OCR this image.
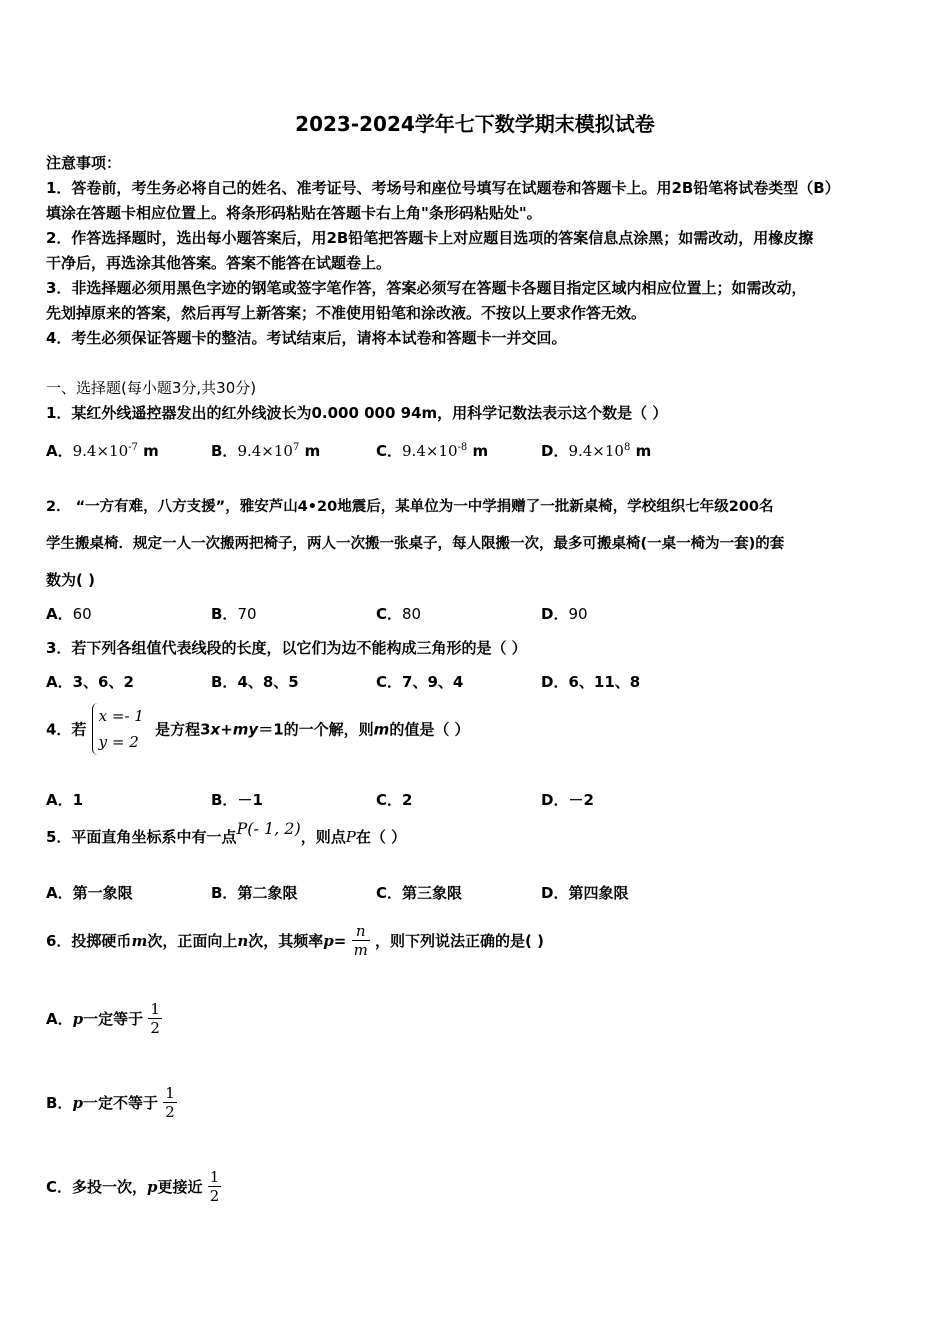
2023-2024学年七下数学期末模拟试卷
注意事项：
1．答卷前，考生务必将自己的姓名、准考证号、考场号和座位号填写在试题卷和答题卡上。用2B铅笔将试卷类型（B）
填涂在答题卡相应位置上。将条形码粘贴在答题卡右上角"条形码粘贴处"。
2．作答选择题时，选出每小题答案后，用2B铅笔把答题卡上对应题目选项的答案信息点涂黑；如需改动，用橡皮擦
干净后，再选涂其他答案。答案不能答在试题卷上。
3．非选择题必须用黑色字迹的钢笔或签字笔作答，答案必须写在答题卡各题目指定区域内相应位置上；如需改动，
先划掉原来的答案，然后再写上新答案；不准使用铅笔和涂改液。不按以上要求作答无效。
4．考生必须保证答题卡的整洁。考试结束后，请将本试卷和答题卡一并交回。
一、选择题(每小题3分,共30分)
1．某红外线遥控器发出的红外线波长为0.000 000 94m，用科学记数法表示这个数是（ ）
A．$9.4\times 10^{-7}$ m	B．$9.4\times 10^7$ m	C．$9.4\times 10^{-8}$ m	D．$9.4\times 10^8$ m
2． “一方有难，八方支援”，雅安芦山4•20地震后，某单位为一中学捐赠了一批新桌椅，学校组织七年级200名
学生搬桌椅．规定一人一次搬两把椅子，两人一次搬一张桌子，每人限搬一次，最多可搬桌椅(一桌一椅为一套)的套
数为( )
A．60	B．70	C．80	D．90
3．若下列各组值代表线段的长度，以它们为边不能构成三角形的是（ ）
A．3、6、2	B．4、8、5	C．7、9、4	D．6、11、8
4．若
x =- 1
y = 2
是方程3x+my＝1的一个解，则m的值是（ ）
A．1	B．－1	C．2	D．－2
5．平面直角坐标系中有一点P(- 1, 2)，则点P在（ ）
A．第一象限	B．第二象限	C．第三象限	D．第四象限
6．投掷硬币m次，正面向上n次，其频率$p= \frac{n}{m}$ ，则下列说法正确的是( )
A．p一定等于 $\frac{1}{2}$
B．p一定不等于 $\frac{1}{2}$
C．多投一次，p更接近 $\frac{1}{2}$
